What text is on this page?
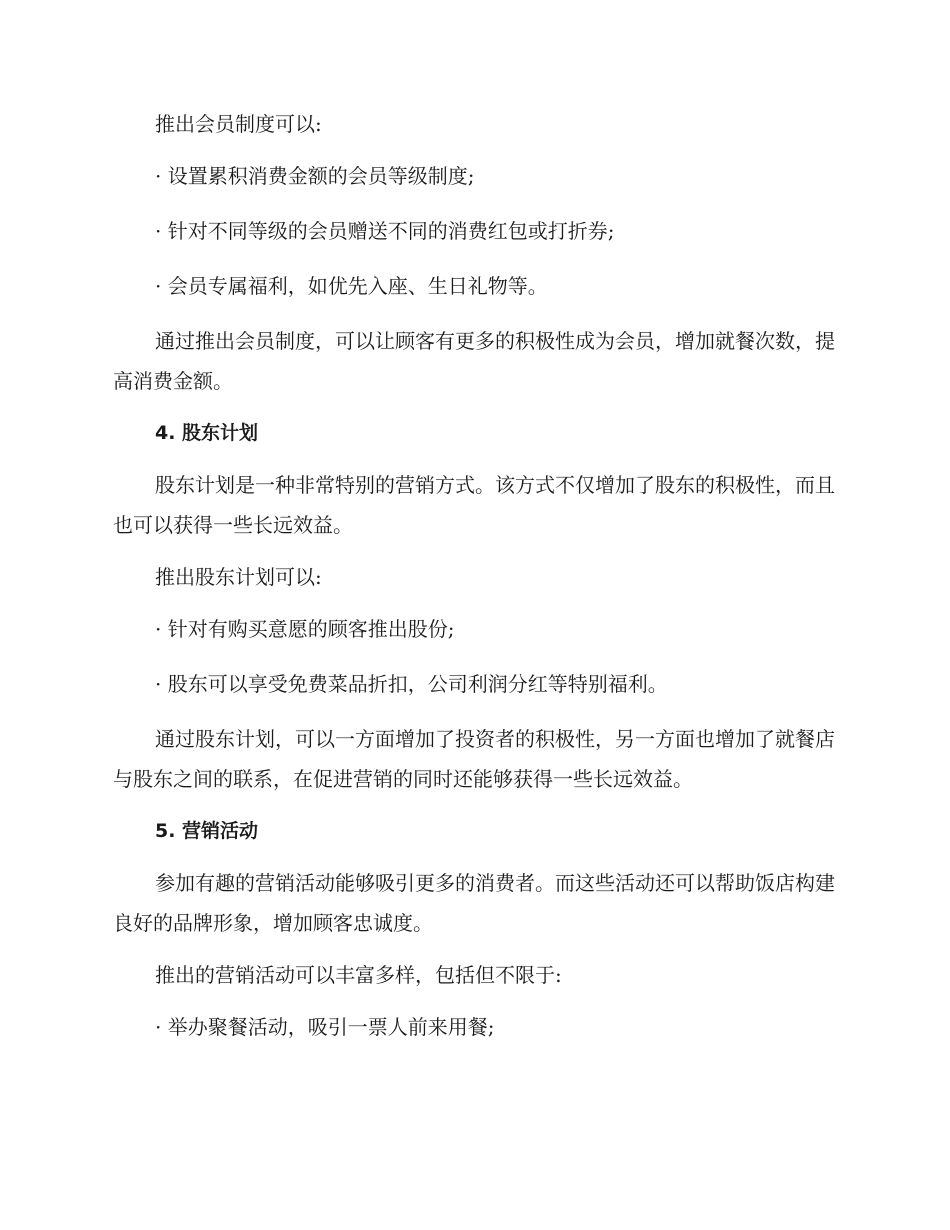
推出会员制度可以:

· 设置累积消费金额的会员等级制度;

· 针对不同等级的会员赠送不同的消费红包或打折券;

· 会员专属福利，如优先入座、生日礼物等。

通过推出会员制度，可以让顾客有更多的积极性成为会员，增加就餐次数，提高消费金额。

4. 股东计划

股东计划是一种非常特别的营销方式。该方式不仅增加了股东的积极性，而且也可以获得一些长远效益。

推出股东计划可以:

· 针对有购买意愿的顾客推出股份;

· 股东可以享受免费菜品折扣，公司利润分红等特别福利。

通过股东计划，可以一方面增加了投资者的积极性，另一方面也增加了就餐店与股东之间的联系，在促进营销的同时还能够获得一些长远效益。

5. 营销活动

参加有趣的营销活动能够吸引更多的消费者。而这些活动还可以帮助饭店构建良好的品牌形象，增加顾客忠诚度。

推出的营销活动可以丰富多样，包括但不限于:

· 举办聚餐活动，吸引一票人前来用餐;
